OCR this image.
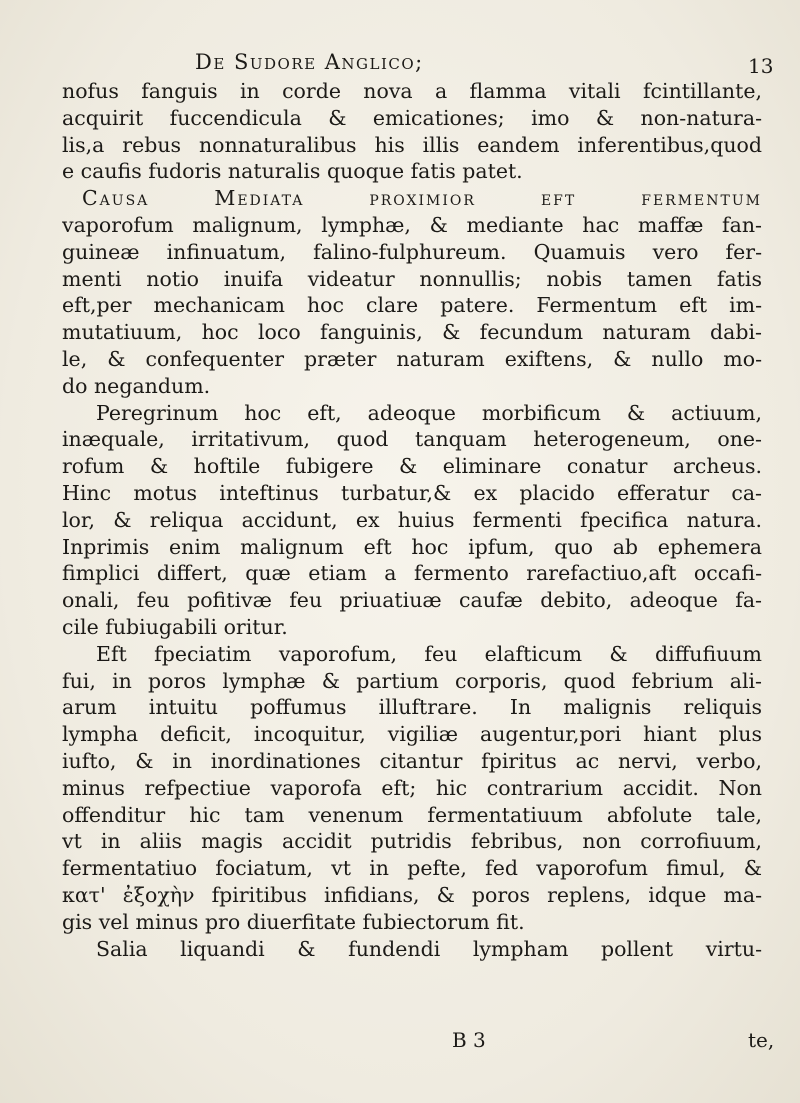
De Sudore Anglico;	13
nofus fanguis in corde nova a flamma vitali fcintillante,
acquirit fuccendicula & emicationes; imo & non-natura-
lis,a rebus nonnaturalibus his illis eandem inferentibus,quod
e caufis fudoris naturalis quoque fatis patet.
Causa Mediata proximior eft fermentum
vaporofum malignum, lymphæ, & mediante hac maffæ fan-
guineæ infinuatum, falino-fulphureum. Quamuis vero fer-
menti notio inuifa videatur nonnullis; nobis tamen fatis
eft,per mechanicam hoc clare patere. Fermentum eft im-
mutatiuum, hoc loco fanguinis, & fecundum naturam dabi-
le, & confequenter præter naturam exiftens, & nullo mo-
do negandum.
Peregrinum hoc eft, adeoque morbificum & actiuum,
inæquale, irritativum, quod tanquam heterogeneum, one-
rofum & hoftile fubigere & eliminare conatur archeus.
Hinc motus inteftinus turbatur,& ex placido efferatur ca-
lor, & reliqua accidunt, ex huius fermenti fpecifica natura.
Inprimis enim malignum eft hoc ipfum, quo ab ephemera
fimplici differt, quæ etiam a fermento rarefactiuo,aft occafi-
onali, feu pofitivæ feu priuatiuæ caufæ debito, adeoque fa-
cile fubiugabili oritur.
Eft fpeciatim vaporofum, feu elafticum & diffufiuum
fui, in poros lymphæ & partium corporis, quod febrium ali-
arum intuitu poffumus illuftrare. In malignis reliquis
lympha deficit, incoquitur, vigiliæ augentur,pori hiant plus
iufto, & in inordinationes citantur fpiritus ac nervi, verbo,
minus refpectiue vaporofa eft; hic contrarium accidit. Non
offenditur hic tam venenum fermentatiuum abfolute tale,
vt in aliis magis accidit putridis febribus, non corrofiuum,
fermentatiuo fociatum, vt in pefte, fed vaporofum fimul, &
κατ' ἐξοχὴν fpiritibus infidians, & poros replens, idque ma-
gis vel minus pro diuerfitate fubiectorum fit.
Salia liquandi & fundendi lympham pollent virtu-
B 3	te,
